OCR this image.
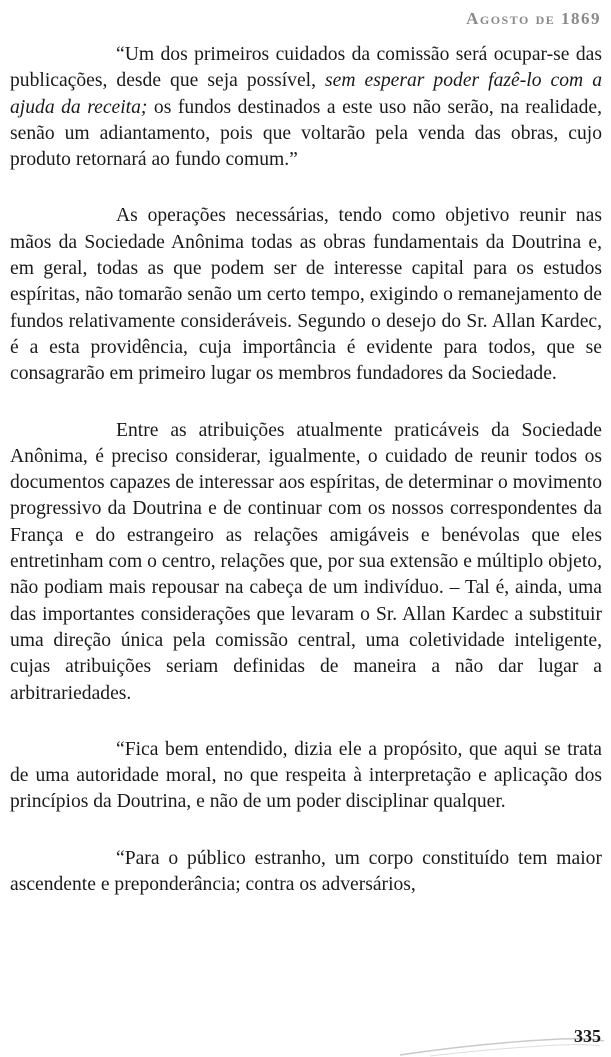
Agosto de 1869

“Um dos primeiros cuidados da comissão será ocupar-se das publicações, desde que seja possível, sem esperar poder fazê-lo com a ajuda da receita; os fundos destinados a este uso não serão, na realidade, senão um adiantamento, pois que voltarão pela venda das obras, cujo produto retornará ao fundo comum.”

As operações necessárias, tendo como objetivo reunir nas mãos da Sociedade Anônima todas as obras fundamentais da Doutrina e, em geral, todas as que podem ser de interesse capital para os estudos espíritas, não tomarão senão um certo tempo, exigindo o remanejamento de fundos relativamente consideráveis. Segundo o desejo do Sr. Allan Kardec, é a esta providência, cuja importância é evidente para todos, que se consagrarão em primeiro lugar os membros fundadores da Sociedade.

Entre as atribuições atualmente praticáveis da Sociedade Anônima, é preciso considerar, igualmente, o cuidado de reunir todos os documentos capazes de interessar aos espíritas, de determinar o movimento progressivo da Doutrina e de continuar com os nossos correspondentes da França e do estrangeiro as relações amigáveis e benévolas que eles entretinham com o centro, relações que, por sua extensão e múltiplo objeto, não podiam mais repousar na cabeça de um indivíduo. – Tal é, ainda, uma das importantes considerações que levaram o Sr. Allan Kardec a substituir uma direção única pela comissão central, uma coletividade inteligente, cujas atribuições seriam definidas de maneira a não dar lugar a arbitrariedades.

“Fica bem entendido, dizia ele a propósito, que aqui se trata de uma autoridade moral, no que respeita à interpretação e aplicação dos princípios da Doutrina, e não de um poder disciplinar qualquer.

“Para o público estranho, um corpo constituído tem maior ascendente e preponderância; contra os adversários,

335
